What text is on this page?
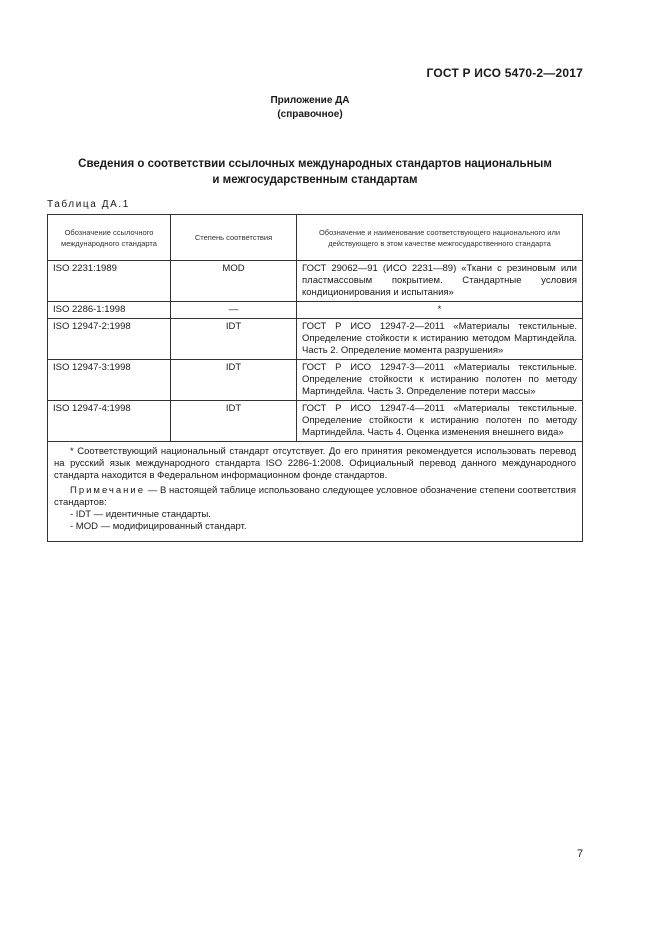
ГОСТ Р ИСО 5470-2—2017
Приложение ДА
(справочное)
Сведения о соответствии ссылочных международных стандартов национальным
и межгосударственным стандартам
Таблица ДА.1
Обозначение ссылочного международного стандарта	Степень соответствия	Обозначение и наименование соответствующего национального или действующего в этом качестве межгосударственного стандарта
ISO 2231:1989	MOD	ГОСТ 29062—91 (ИСО 2231—89) «Ткани с резиновым или пластмассовым покрытием. Стандартные условия кондиционирования и испытания»
ISO 2286-1:1998	—	*
ISO 12947-2:1998	IDT	ГОСТ Р ИСО 12947-2—2011 «Материалы текстильные. Определение стойкости к истиранию методом Мартиндейла. Часть 2. Определение момента разрушения»
ISO 12947-3:1998	IDT	ГОСТ Р ИСО 12947-3—2011 «Материалы текстильные. Определение стойкости к истиранию полотен по методу Мартиндейла. Часть 3. Определение потери массы»
ISO 12947-4:1998	IDT	ГОСТ Р ИСО 12947-4—2011 «Материалы текстильные. Определение стойкости к истиранию полотен по методу Мартиндейла. Часть 4. Оценка изменения внешнего вида»

* Соответствующий национальный стандарт отсутствует. До его принятия рекомендуется использовать перевод на русский язык международного стандарта ISO 2286-1:2008. Официальный перевод данного международного стандарта находится в Федеральном информационном фонде стандартов.

Примечание — В настоящей таблице использовано следующее условное обозначение степени соответствия стандартов:

- IDT — идентичные стандарты.

- MOD — модифицированный стандарт.		

7
